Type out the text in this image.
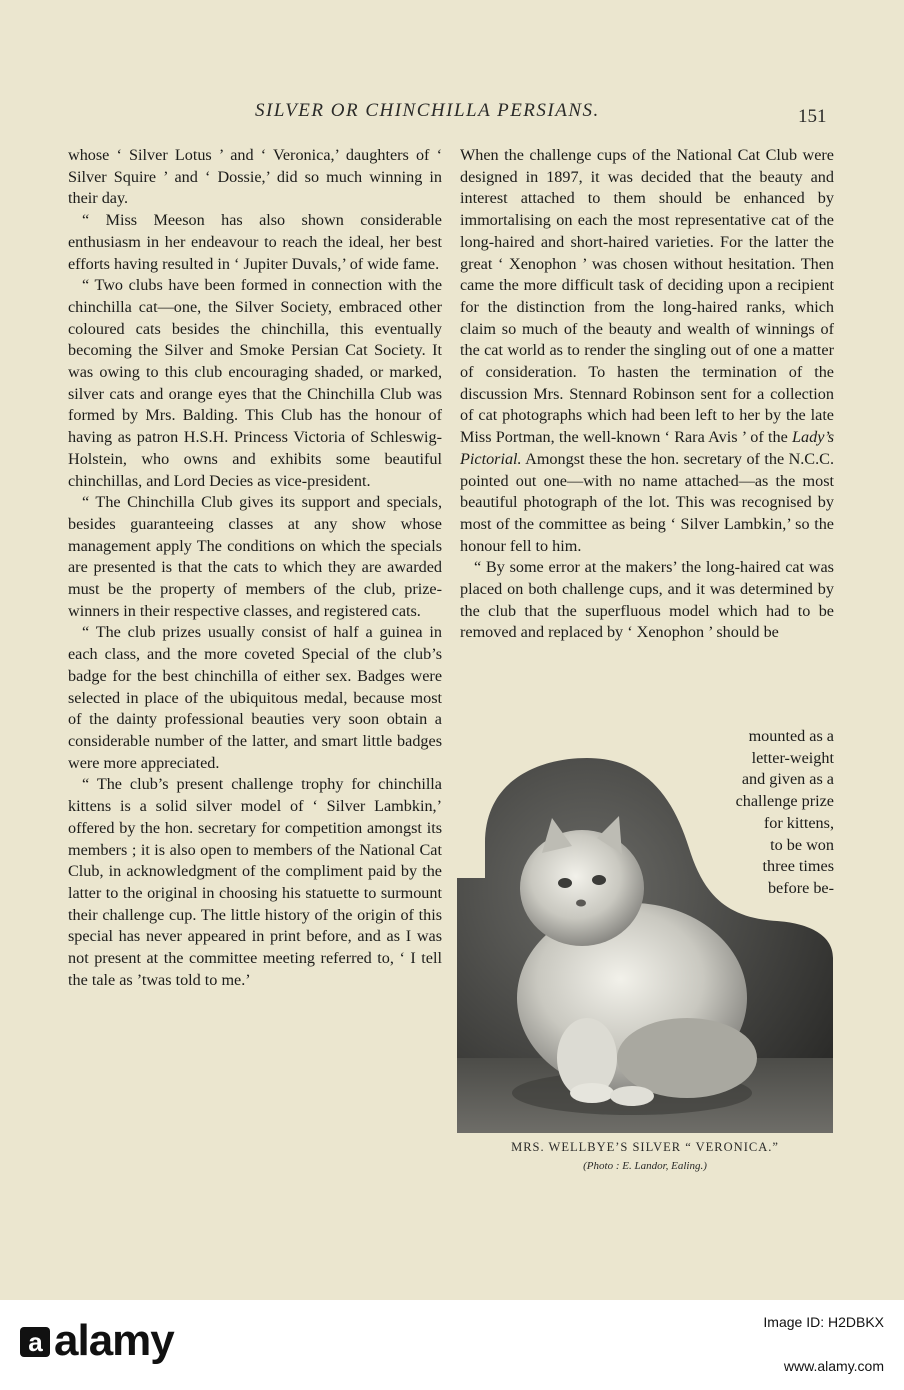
SILVER OR CHINCHILLA PERSIANS.	151

whose ‘ Silver Lotus ’ and ‘ Veronica,’ daughters of ‘ Silver Squire ’ and ‘ Dossie,’ did so much winning in their day.

“ Miss Meeson has also shown considerable enthusiasm in her endeavour to reach the ideal, her best efforts having resulted in ‘ Jupiter Duvals,’ of wide fame.

“ Two clubs have been formed in connection with the chinchilla cat—one, the Silver Society, embraced other coloured cats besides the chinchilla, this eventually becoming the Silver and Smoke Persian Cat Society. It was owing to this club encouraging shaded, or marked, silver cats and orange eyes that the Chinchilla Club was formed by Mrs. Balding. This Club has the honour of having as patron H.S.H. Princess Victoria of Schleswig-Holstein, who owns and exhibits some beautiful chinchillas, and Lord Decies as vice-president.

“ The Chinchilla Club gives its support and specials, besides guaranteeing classes at any show whose management apply The conditions on which the specials are presented is that the cats to which they are awarded must be the property of members of the club, prize-winners in their respective classes, and registered cats.

“ The club prizes usually consist of half a guinea in each class, and the more coveted Special of the club’s badge for the best chinchilla of either sex. Badges were selected in place of the ubiquitous medal, because most of the dainty professional beauties very soon obtain a considerable number of the latter, and smart little badges were more appreciated.

“ The club’s present challenge trophy for chinchilla kittens is a solid silver model of ‘ Silver Lambkin,’ offered by the hon. secretary for competition amongst its members ; it is also open to members of the National Cat Club, in acknowledgment of the compliment paid by the latter to the original in choosing his statuette to surmount their challenge cup. The little history of the origin of this special has never appeared in print before, and as I was not present at the committee meeting referred to, ‘ I tell the tale as ’twas told to me.’

When the challenge cups of the National Cat Club were designed in 1897, it was decided that the beauty and interest attached to them should be enhanced by immortalising on each the most representative cat of the long-haired and short-haired varieties. For the latter the great ‘ Xenophon ’ was chosen without hesitation. Then came the more difficult task of deciding upon a recipient for the distinction from the long-haired ranks, which claim so much of the beauty and wealth of winnings of the cat world as to render the singling out of one a matter of consideration. To hasten the termination of the discussion Mrs. Stennard Robinson sent for a collection of cat photographs which had been left to her by the late Miss Portman, the well-known ‘ Rara Avis ’ of the Lady’s Pictorial. Amongst these the hon. secretary of the N.C.C. pointed out one—with no name attached—as the most beautiful photograph of the lot. This was recognised by most of the committee as being ‘ Silver Lambkin,’ so the honour fell to him.

“ By some error at the makers’ the long-haired cat was placed on both challenge cups, and it was determined by the club that the superfluous model which had to be removed and replaced by ‘ Xenophon ’ should be

mounted as a
letter-weight
and given as a
challenge prize
for kittens,
to be won
three times
before be-
MRS. WELLBYE’S SILVER “ VERONICA.”
(Photo : E. Landor, Ealing.)
a alamy	Image ID: H2DBKX
www.alamy.com
